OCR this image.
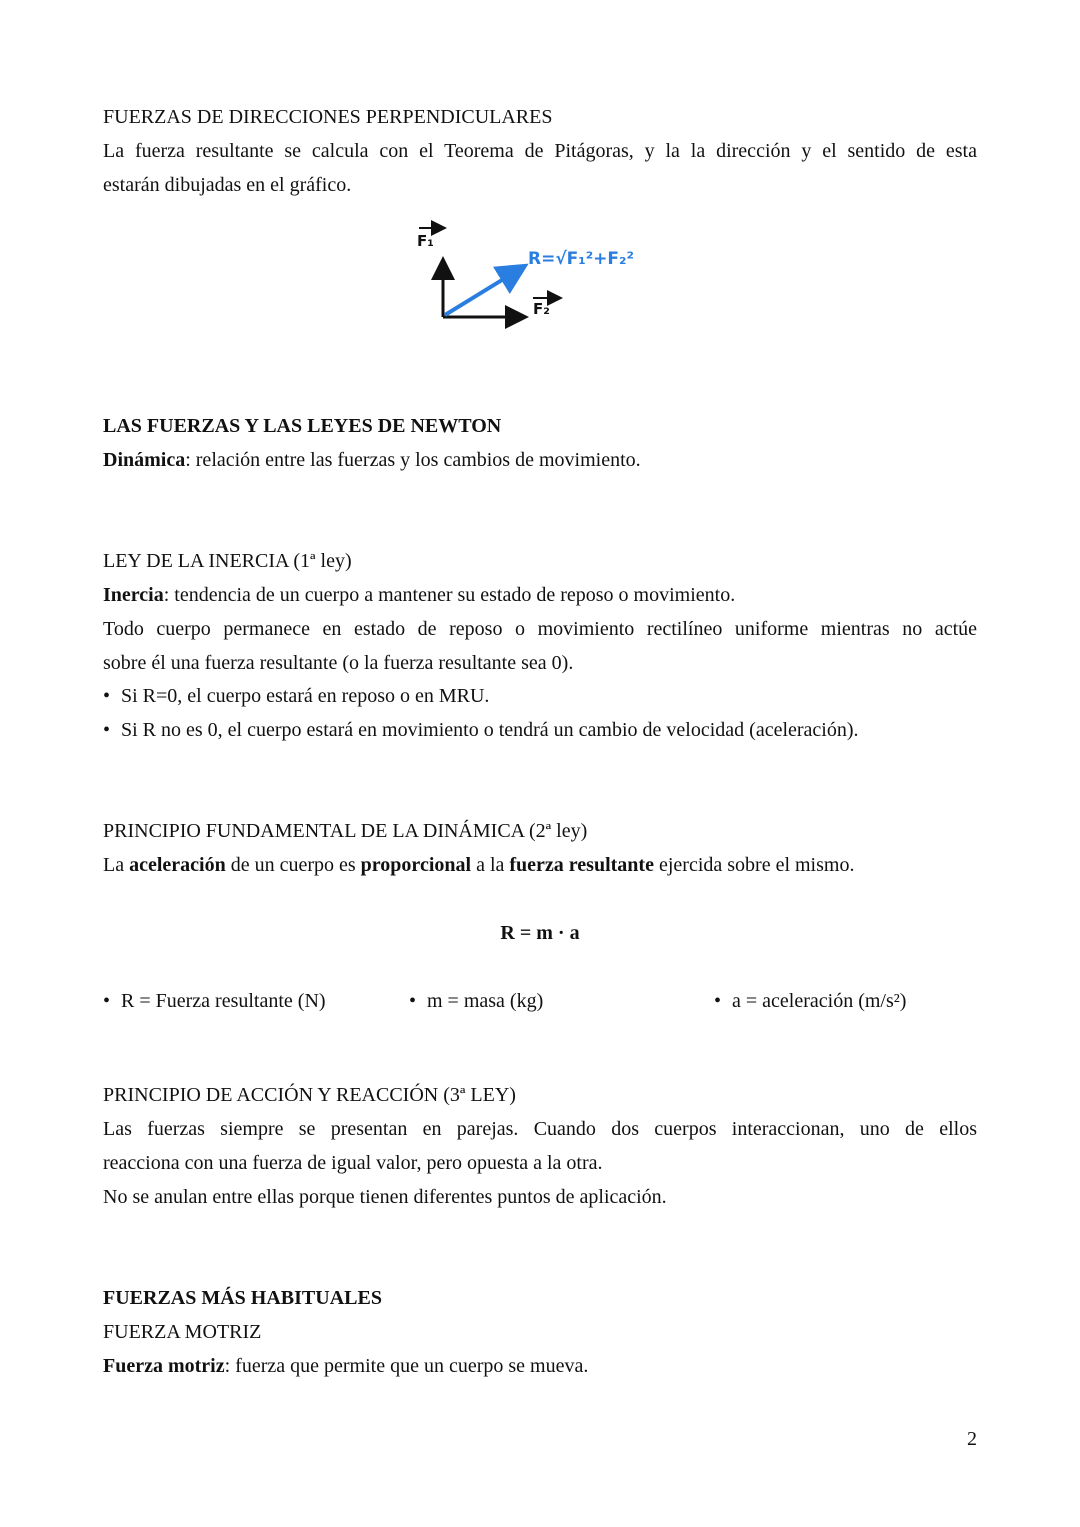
FUERZAS DE DIRECCIONES PERPENDICULARES
La fuerza resultante se calcula con el Teorema de Pitágoras, y la la dirección y el sentido de esta
estarán dibujadas en el gráfico.
F₁
R=√F₁²+F₂²
F₂
LAS FUERZAS Y LAS LEYES DE NEWTON
Dinámica: relación entre las fuerzas y los cambios de movimiento.
LEY DE LA INERCIA (1ª ley)
Inercia: tendencia de un cuerpo a mantener su estado de reposo o movimiento.
Todo cuerpo permanece en estado de reposo o movimiento rectilíneo uniforme mientras no actúe
sobre él una fuerza resultante (o la fuerza resultante sea 0).
• Si R=0, el cuerpo estará en reposo o en MRU.
• Si R no es 0, el cuerpo estará en movimiento o tendrá un cambio de velocidad (aceleración).
PRINCIPIO FUNDAMENTAL DE LA DINÁMICA (2ª ley)
La aceleración de un cuerpo es proporcional a la fuerza resultante ejercida sobre el mismo.
R = m · a
• R = Fuerza resultante (N)	• m = masa (kg)	• a = aceleración (m/s²)
PRINCIPIO DE ACCIÓN Y REACCIÓN (3ª LEY)
Las fuerzas siempre se presentan en parejas. Cuando dos cuerpos interaccionan, uno de ellos
reacciona con una fuerza de igual valor, pero opuesta a la otra.
No se anulan entre ellas porque tienen diferentes puntos de aplicación.
FUERZAS MÁS HABITUALES
FUERZA MOTRIZ
Fuerza motriz: fuerza que permite que un cuerpo se mueva.
2
